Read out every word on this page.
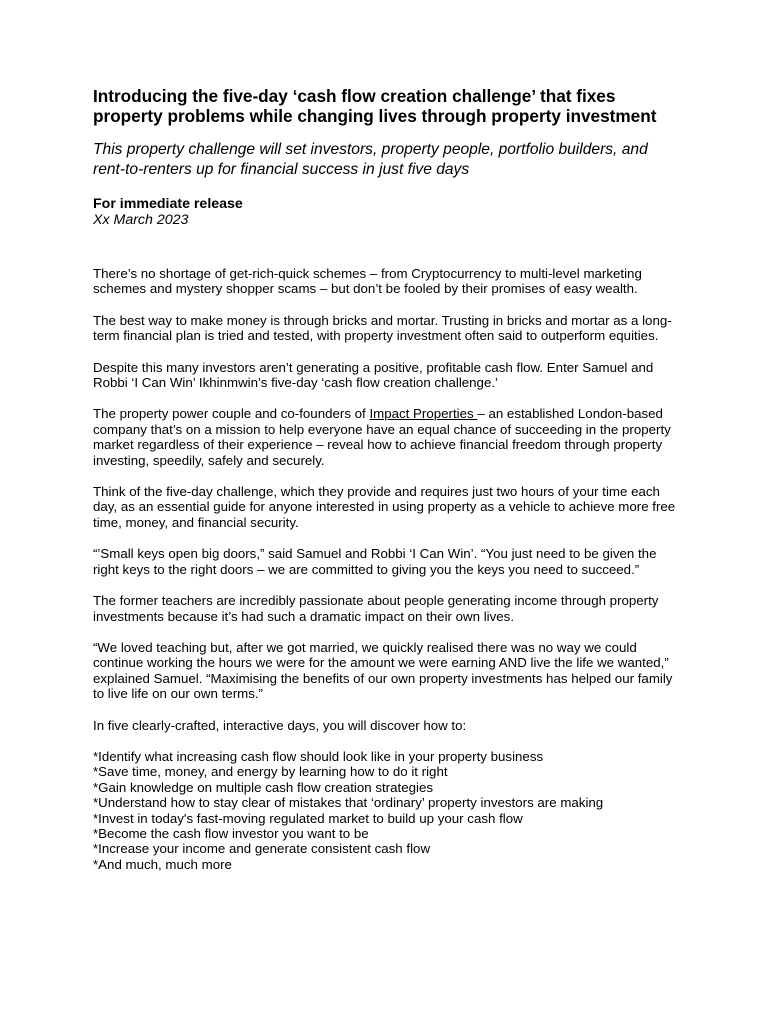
Introducing the five-day ‘cash flow creation challenge’ that fixes property problems while changing lives through property investment

This property challenge will set investors, property people, portfolio builders, and rent-to-renters up for financial success in just five days

For immediate release

Xx March 2023

There’s no shortage of get-rich-quick schemes – from Cryptocurrency to multi-level marketing schemes and mystery shopper scams – but don’t be fooled by their promises of easy wealth.

The best way to make money is through bricks and mortar. Trusting in bricks and mortar as a long-term financial plan is tried and tested, with property investment often said to outperform equities.

Despite this many investors aren’t generating a positive, profitable cash flow. Enter Samuel and Robbi ‘I Can Win’ Ikhinmwin’s five-day ‘cash flow creation challenge.’

The property power couple and co-founders of Impact Properties – an established London-based company that’s on a mission to help everyone have an equal chance of succeeding in the property market regardless of their experience – reveal how to achieve financial freedom through property investing, speedily, safely and securely.

Think of the five-day challenge, which they provide and requires just two hours of your time each day, as an essential guide for anyone interested in using property as a vehicle to achieve more free time, money, and financial security.

“’Small keys open big doors,” said Samuel and Robbi ‘I Can Win’. “You just need to be given the right keys to the right doors – we are committed to giving you the keys you need to succeed.”

The former teachers are incredibly passionate about people generating income through property investments because it’s had such a dramatic impact on their own lives.

“We loved teaching but, after we got married, we quickly realised there was no way we could continue working the hours we were for the amount we were earning AND live the life we wanted,” explained Samuel. “Maximising the benefits of our own property investments has helped our family to live life on our own terms.”

In five clearly-crafted, interactive days, you will discover how to:

*Identify what increasing cash flow should look like in your property business
*Save time, money, and energy by learning how to do it right
*Gain knowledge on multiple cash flow creation strategies
*Understand how to stay clear of mistakes that ‘ordinary’ property investors are making
*Invest in today's fast-moving regulated market to build up your cash flow
*Become the cash flow investor you want to be
*Increase your income and generate consistent cash flow
*And much, much more
